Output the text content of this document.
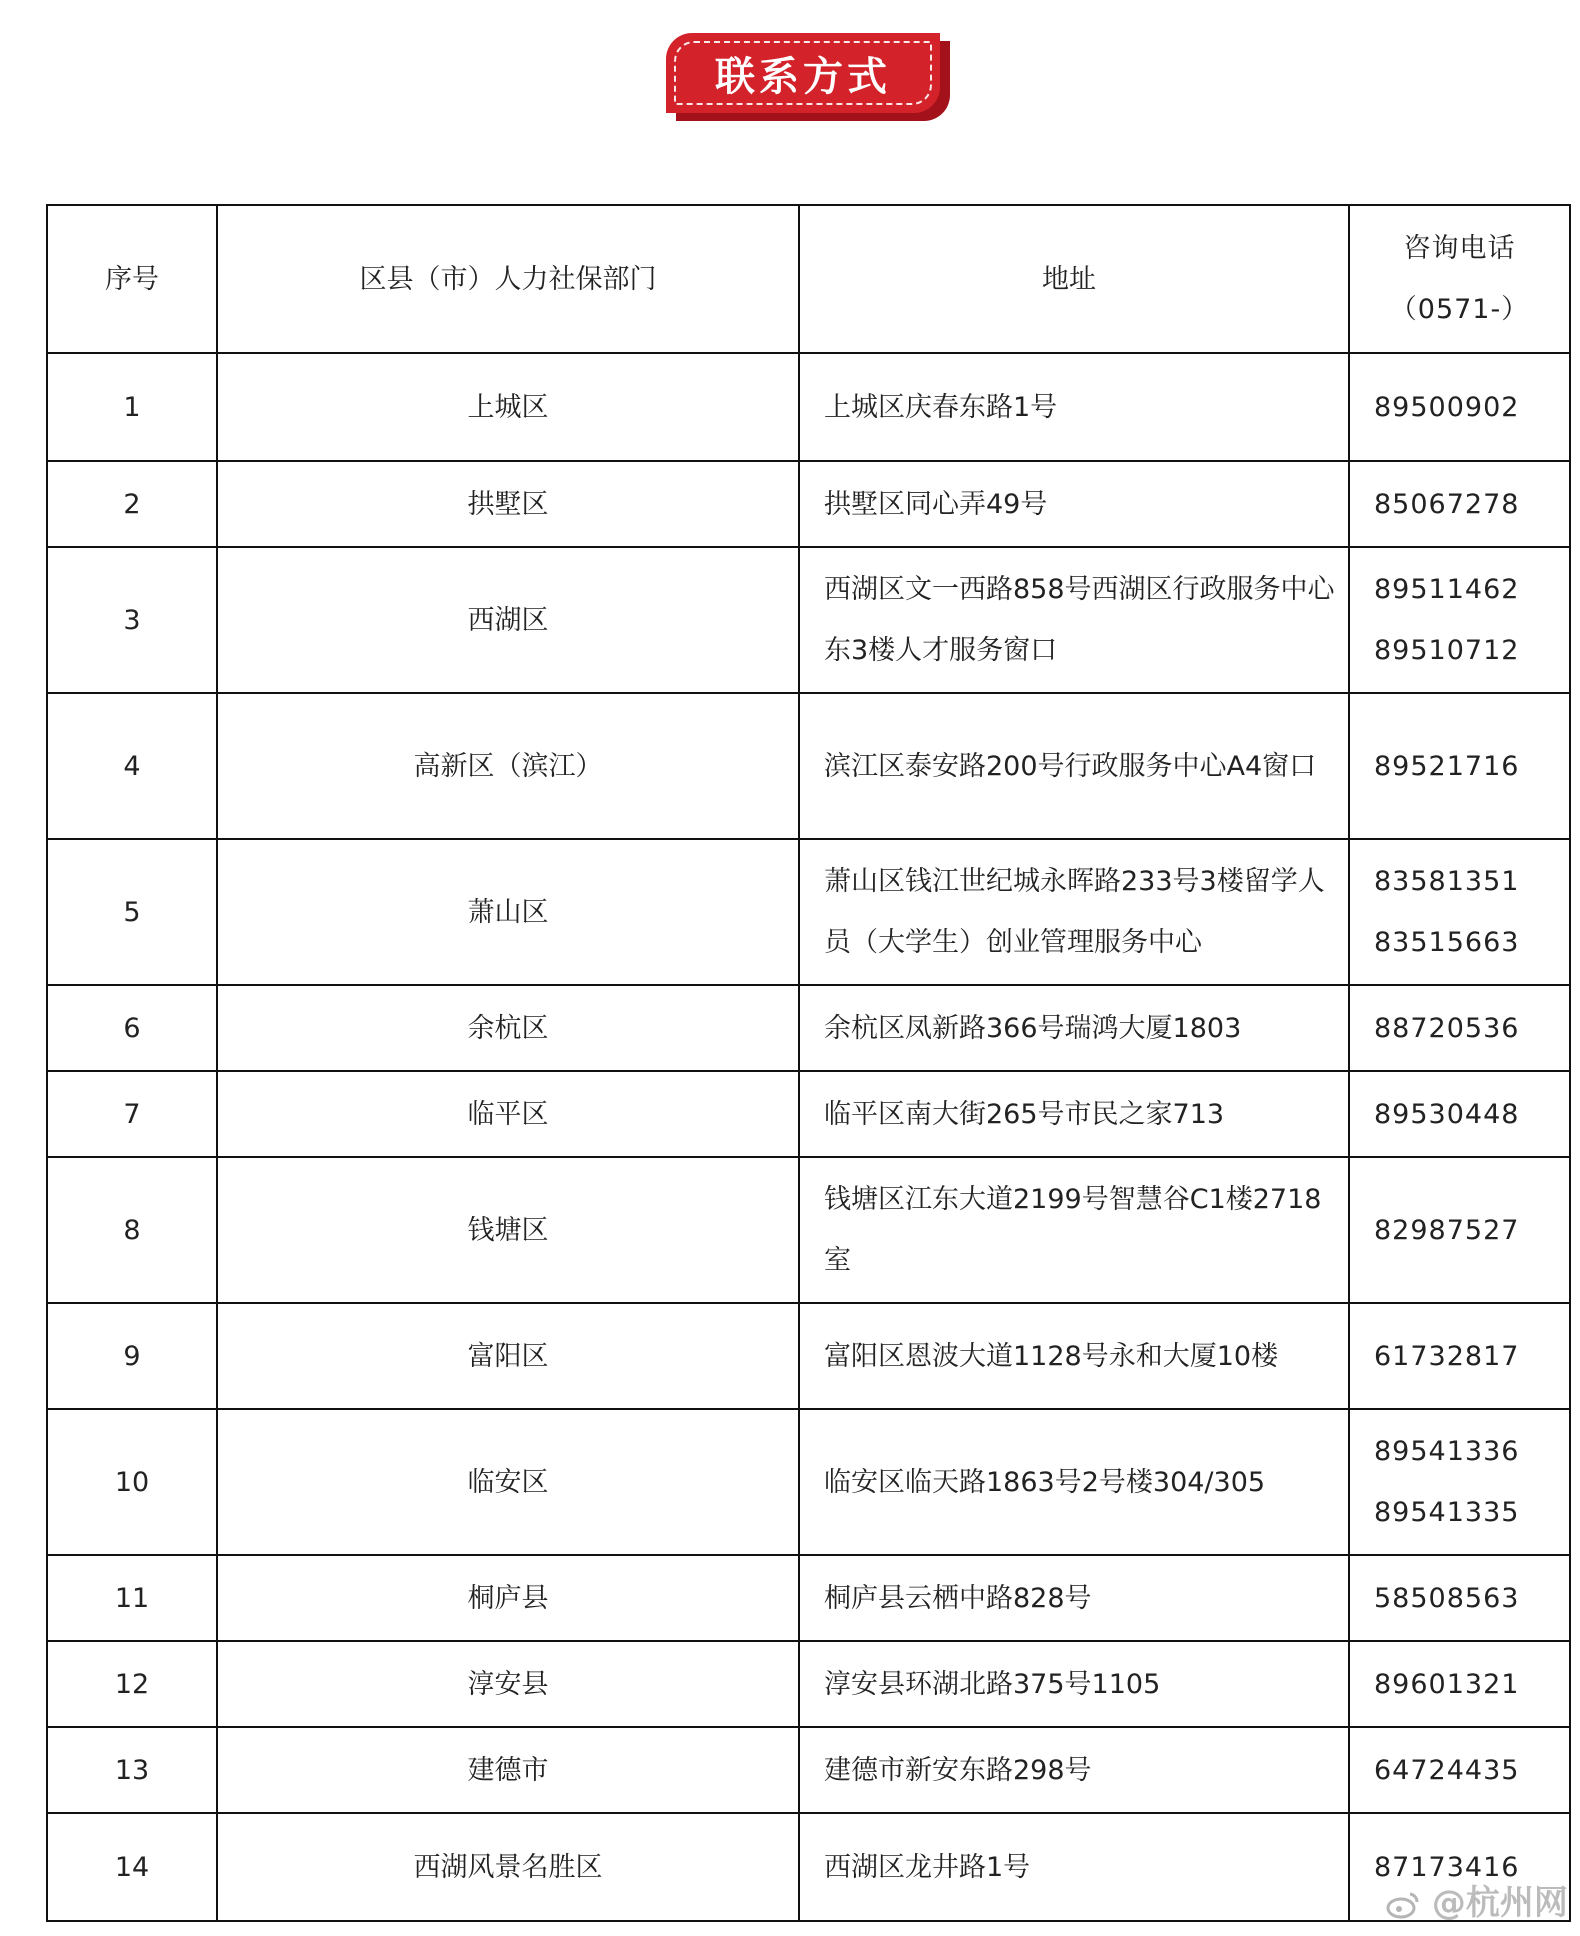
联系方式
序号	区县（市）人力社保部门	地址	咨询电话
（0571-）

1	上城区	上城区庆春东路1号	89500902

2	拱墅区	拱墅区同心弄49号	85067278

3	西湖区	西湖区文一西路858号西湖区行政服务中心东3楼人才服务窗口	89511462
89510712

4	高新区（滨江）	滨江区泰安路200号行政服务中心A4窗口	89521716

5	萧山区	萧山区钱江世纪城永晖路233号3楼留学人员（大学生）创业管理服务中心	83581351
83515663

6	余杭区	余杭区凤新路366号瑞鸿大厦1803	88720536

7	临平区	临平区南大街265号市民之家713	89530448

8	钱塘区	钱塘区江东大道2199号智慧谷C1楼2718室	82987527

9	富阳区	富阳区恩波大道1128号永和大厦10楼	61732817

10	临安区	临安区临天路1863号2号楼304/305	89541336
89541335

11	桐庐县	桐庐县云栖中路828号	58508563

12	淳安县	淳安县环湖北路375号1105	89601321

13	建德市	建德市新安东路298号	64724435

14	西湖风景名胜区	西湖区龙井路1号	87173416
@杭州网
